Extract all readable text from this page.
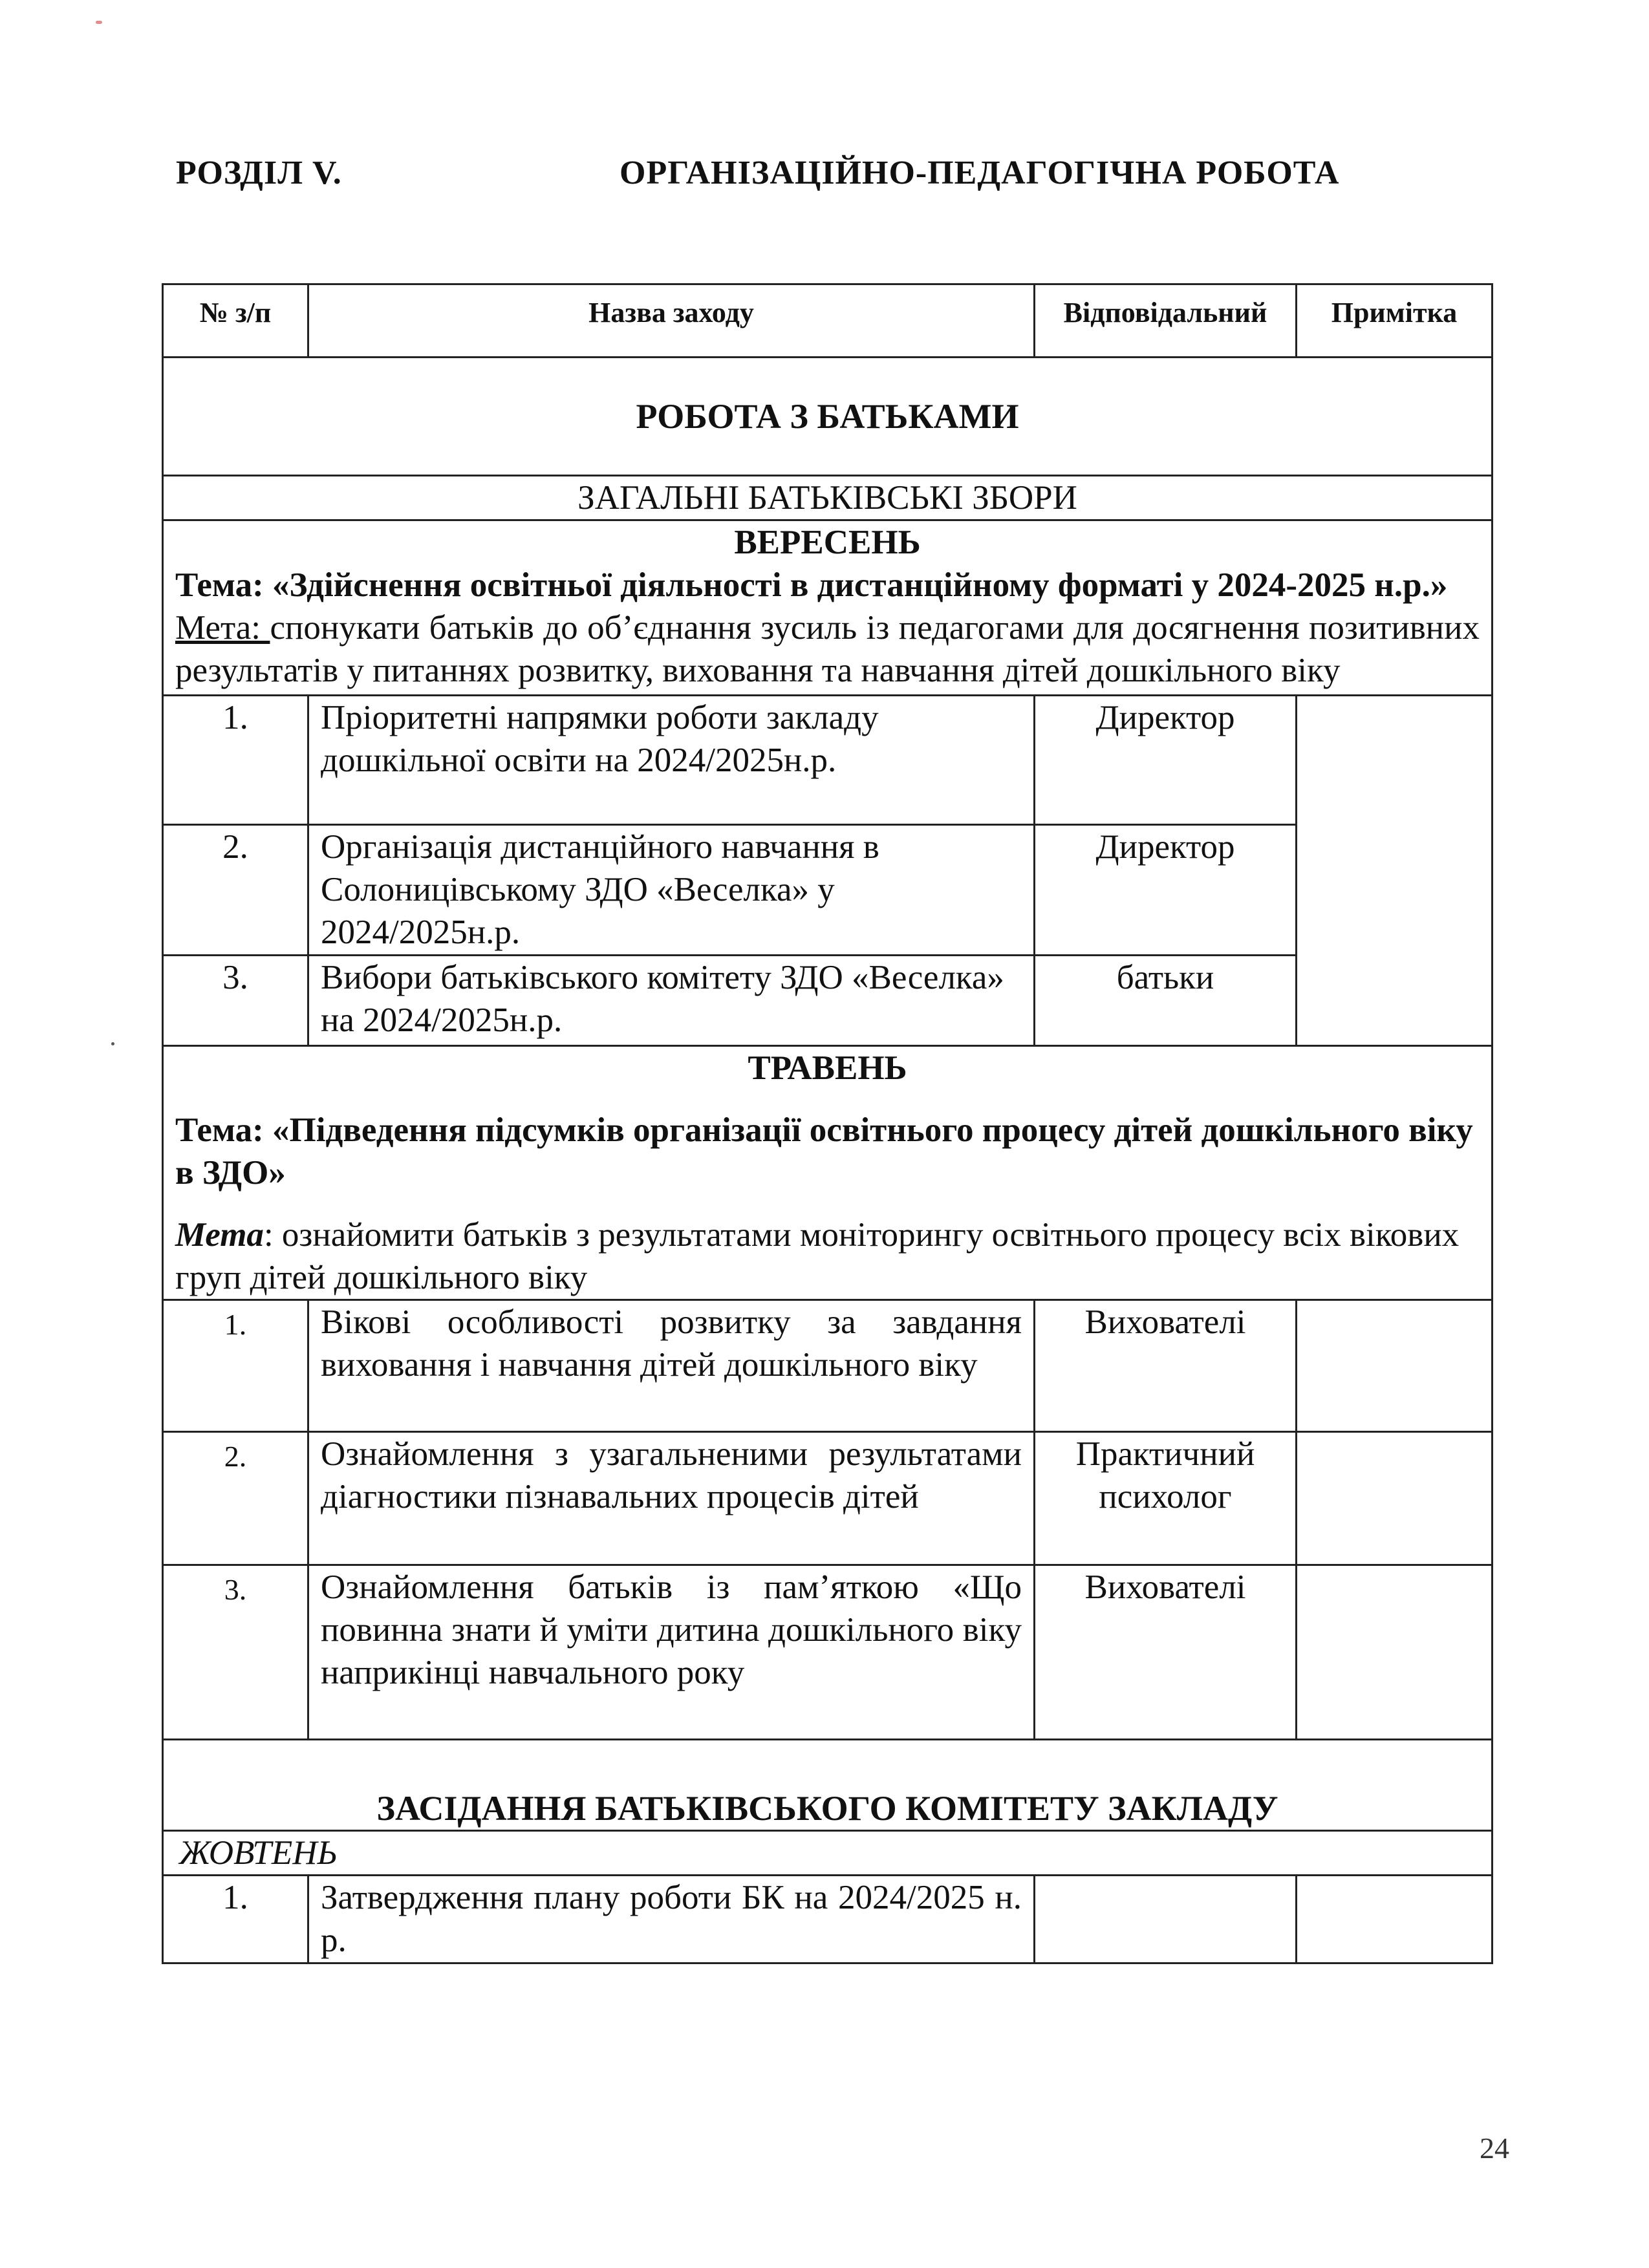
РОЗДІЛ V.	ОРГАНІЗАЦІЙНО-ПЕДАГОГІЧНА РОБОТА
№ з/п	Назва заходу	Відповідальний	Примітка
РОБОТА З БАТЬКАМИ			
ЗАГАЛЬНІ БАТЬКІВСЬКІ ЗБОРИ			

ВЕРЕСЕНЬ
Тема: «Здійснення освітньої діяльності в дистанційному форматі у 2024-2025 н.р.»
Мета: спонукати батьків до об’єднання зусиль із педагогами для досягнення позитивних результатів у питаннях розвитку, виховання та навчання дітей дошкільного віку			

1.	Пріоритетні напрямки роботи закладу дошкільної освіти на 2024/2025н.р.	Директор	
2.	Організація дистанційного навчання в Солоницівському ЗДО «Веселка» у 2024/2025н.р.	Директор	
3.	Вибори батьківського комітету ЗДО «Веселка» на 2024/2025н.р.	батьки	

ТРАВЕНЬ
Тема: «Підведення підсумків організації освітнього процесу дітей дошкільного віку в ЗДО»
Мета: ознайомити батьків з результатами моніторингу освітнього процесу всіх вікових груп дітей дошкільного віку			

1.	Вікові особливості розвитку за завдання виховання і навчання дітей дошкільного віку	Вихователі	
2.	Ознайомлення з узагальненими результатами діагностики пізнавальних процесів дітей	Практичний психолог	
3.	Ознайомлення батьків із пам’яткою «Що повинна знати й уміти дитина дошкільного віку наприкінці навчального року	Вихователі	
ЗАСІДАННЯ БАТЬКІВСЬКОГО КОМІТЕТУ ЗАКЛАДУ			
ЖОВТЕНЬ			
1.	Затвердження плану роботи БК на 2024/2025 н. р.		
24
